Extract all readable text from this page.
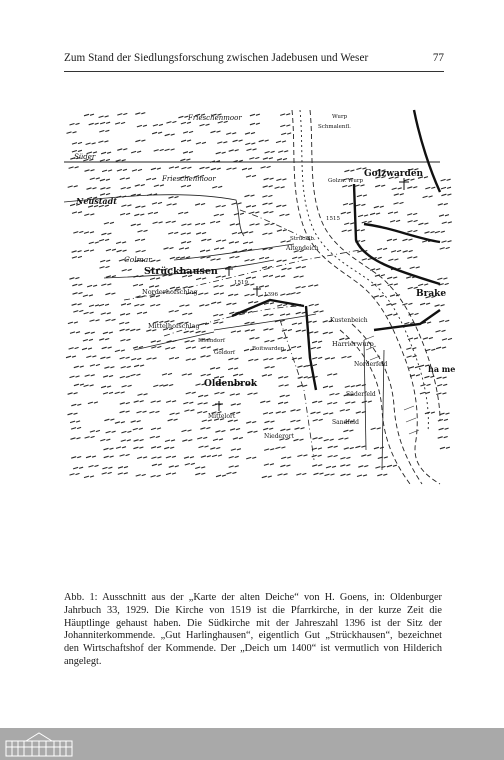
Zum Stand der Siedlungsforschung zwischen Jadebusen und Weser	77
Frieschenmoor
Süder
Frieschenmoor
Neustadt
Colmar
Strückhausen
Norderhofschlag
Mittelhofschlag
Oldenbrok
Mittelort
Niederort
Golzwarden
Brake
Harrierwurp
Süderfeld
Sandfeld
Norderfeld
Kustenbeich
Altendeich
Strücklb.
Elsendorf
Goldorf
Boitwarden
Schmalenfl.
Wurp
Golzw. Wurp
1519
1396
1515
ha me

Abb. 1: Ausschnitt aus der „Karte der alten Deiche“ von H. Goens, in: Oldenburger Jahrbuch 33, 1929. Die Kirche von 1519 ist die Pfarrkirche, in der kurze Zeit die Häuptlinge gehaust haben. Die Südkirche mit der Jahreszahl 1396 ist der Sitz der Johanniterkommende. „Gut Harlinghausen“, eigentlich Gut „Strückhausen“, bezeichnet den Wirtschaftshof der Kommende. Der „Deich um 1400“ ist vermutlich von Hilderich angelegt.
